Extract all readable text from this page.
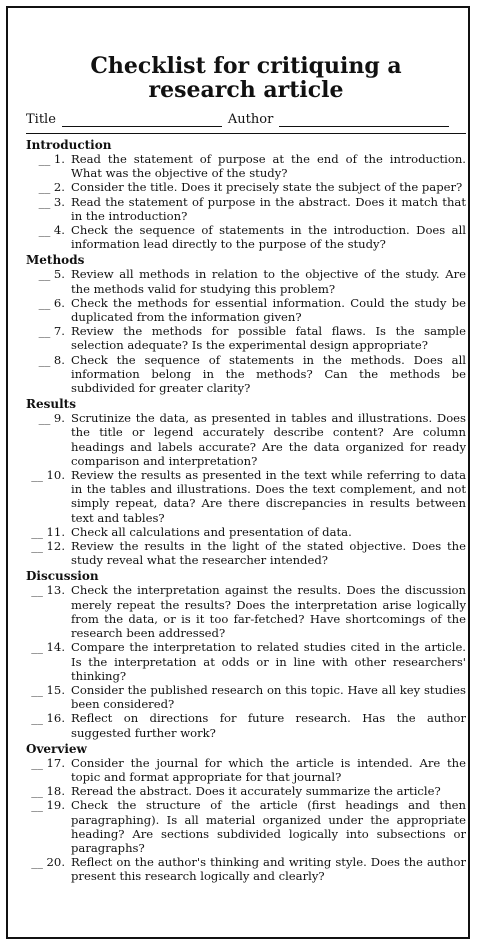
Checklist for critiquing a
research article
Title	Author
Introduction
__ 1. Read the statement of purpose at the end of the introduction. What was the objective of the study?
__ 2. Consider the title. Does it precisely state the subject of the paper?
__ 3. Read the statement of purpose in the abstract. Does it match that in the introduction?
__ 4. Check the sequence of statements in the introduction. Does all information lead directly to the purpose of the study?
Methods
__ 5. Review all methods in relation to the objective of the study. Are the methods valid for studying this problem?
__ 6. Check the methods for essential information. Could the study be duplicated from the information given?
__ 7. Review the methods for possible fatal flaws. Is the sample selection adequate? Is the experimental design appropriate?
__ 8. Check the sequence of statements in the methods. Does all information belong in the methods? Can the methods be subdivided for greater clarity?
Results
__ 9. Scrutinize the data, as presented in tables and illustrations. Does the title or legend accurately describe content? Are column headings and labels accurate? Are the data organized for ready comparison and interpretation?
__ 10. Review the results as presented in the text while referring to data in the tables and illustrations. Does the text complement, and not simply repeat, data? Are there discrepancies in results between text and tables?
__ 11. Check all calculations and presentation of data.
__ 12. Review the results in the light of the stated objective. Does the study reveal what the researcher intended?
Discussion
__ 13. Check the interpretation against the results. Does the discussion merely repeat the results? Does the interpretation arise logically from the data, or is it too far-fetched? Have shortcomings of the research been addressed?
__ 14. Compare the interpretation to related studies cited in the article. Is the interpretation at odds or in line with other researchers' thinking?
__ 15. Consider the published research on this topic. Have all key studies been considered?
__ 16. Reflect on directions for future research. Has the author suggested further work?
Overview
__ 17. Consider the journal for which the article is intended. Are the topic and format appropriate for that journal?
__ 18. Reread the abstract. Does it accurately summarize the article?
__ 19. Check the structure of the article (first headings and then paragraphing). Is all material organized under the appropriate heading? Are sections subdivided logically into subsections or paragraphs?
__ 20. Reflect on the author's thinking and writing style. Does the author present this research logically and clearly?
